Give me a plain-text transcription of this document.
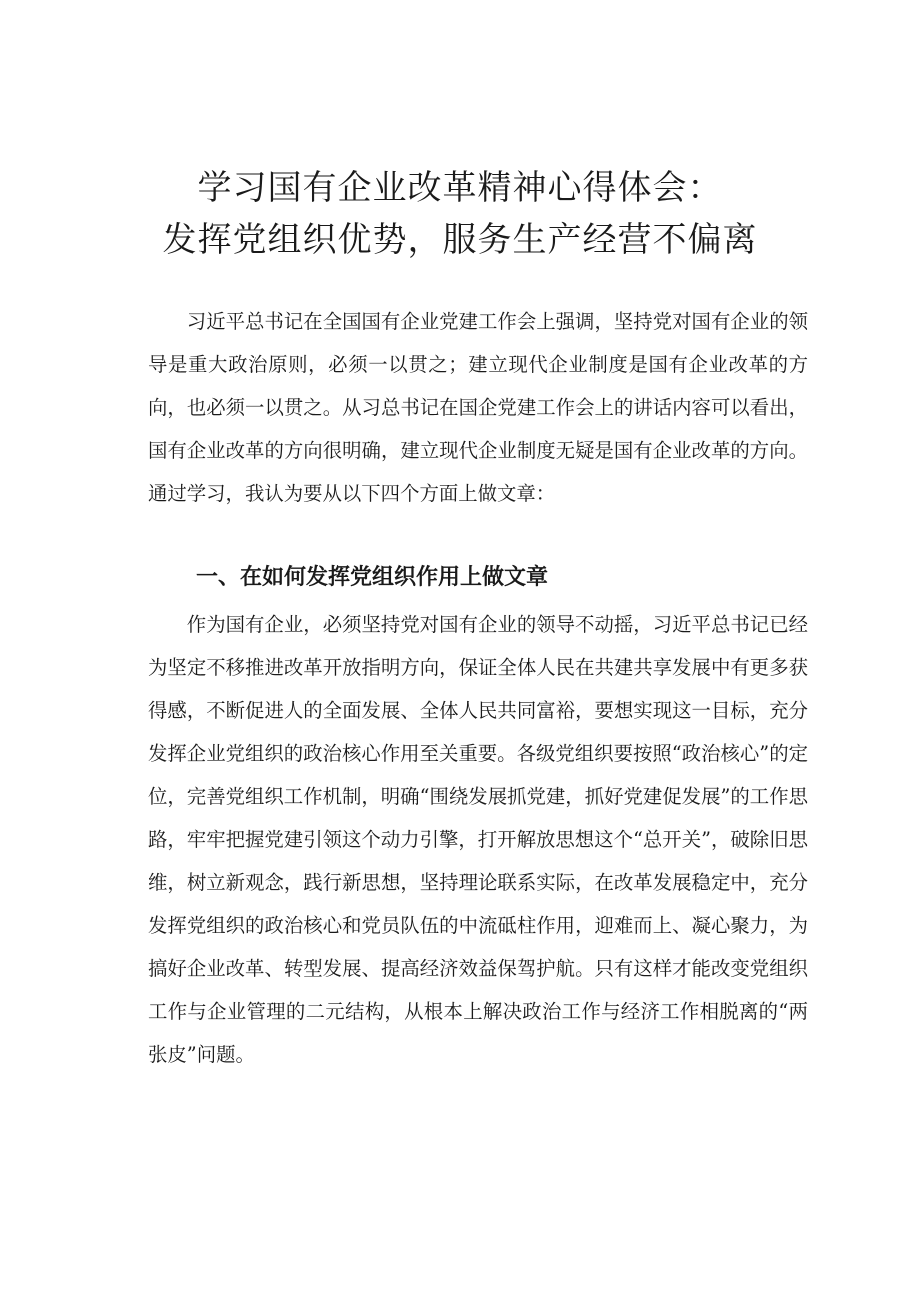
学习国有企业改革精神心得体会：
发挥党组织优势，服务生产经营不偏离

习近平总书记在全国国有企业党建工作会上强调，坚持党对国有企业的领导是重大政治原则，必须一以贯之；建立现代企业制度是国有企业改革的方向，也必须一以贯之。从习总书记在国企党建工作会上的讲话内容可以看出，国有企业改革的方向很明确，建立现代企业制度无疑是国有企业改革的方向。通过学习，我认为要从以下四个方面上做文章：

一、在如何发挥党组织作用上做文章

作为国有企业，必须坚持党对国有企业的领导不动摇，习近平总书记已经为坚定不移推进改革开放指明方向，保证全体人民在共建共享发展中有更多获得感，不断促进人的全面发展、全体人民共同富裕，要想实现这一目标，充分发挥企业党组织的政治核心作用至关重要。各级党组织要按照“政治核心”的定位，完善党组织工作机制，明确“围绕发展抓党建，抓好党建促发展”的工作思路，牢牢把握党建引领这个动力引擎，打开解放思想这个“总开关”，破除旧思维，树立新观念，践行新思想，坚持理论联系实际，在改革发展稳定中，充分发挥党组织的政治核心和党员队伍的中流砥柱作用，迎难而上、凝心聚力，为搞好企业改革、转型发展、提高经济效益保驾护航。只有这样才能改变党组织工作与企业管理的二元结构，从根本上解决政治工作与经济工作相脱离的“两张皮”问题。
